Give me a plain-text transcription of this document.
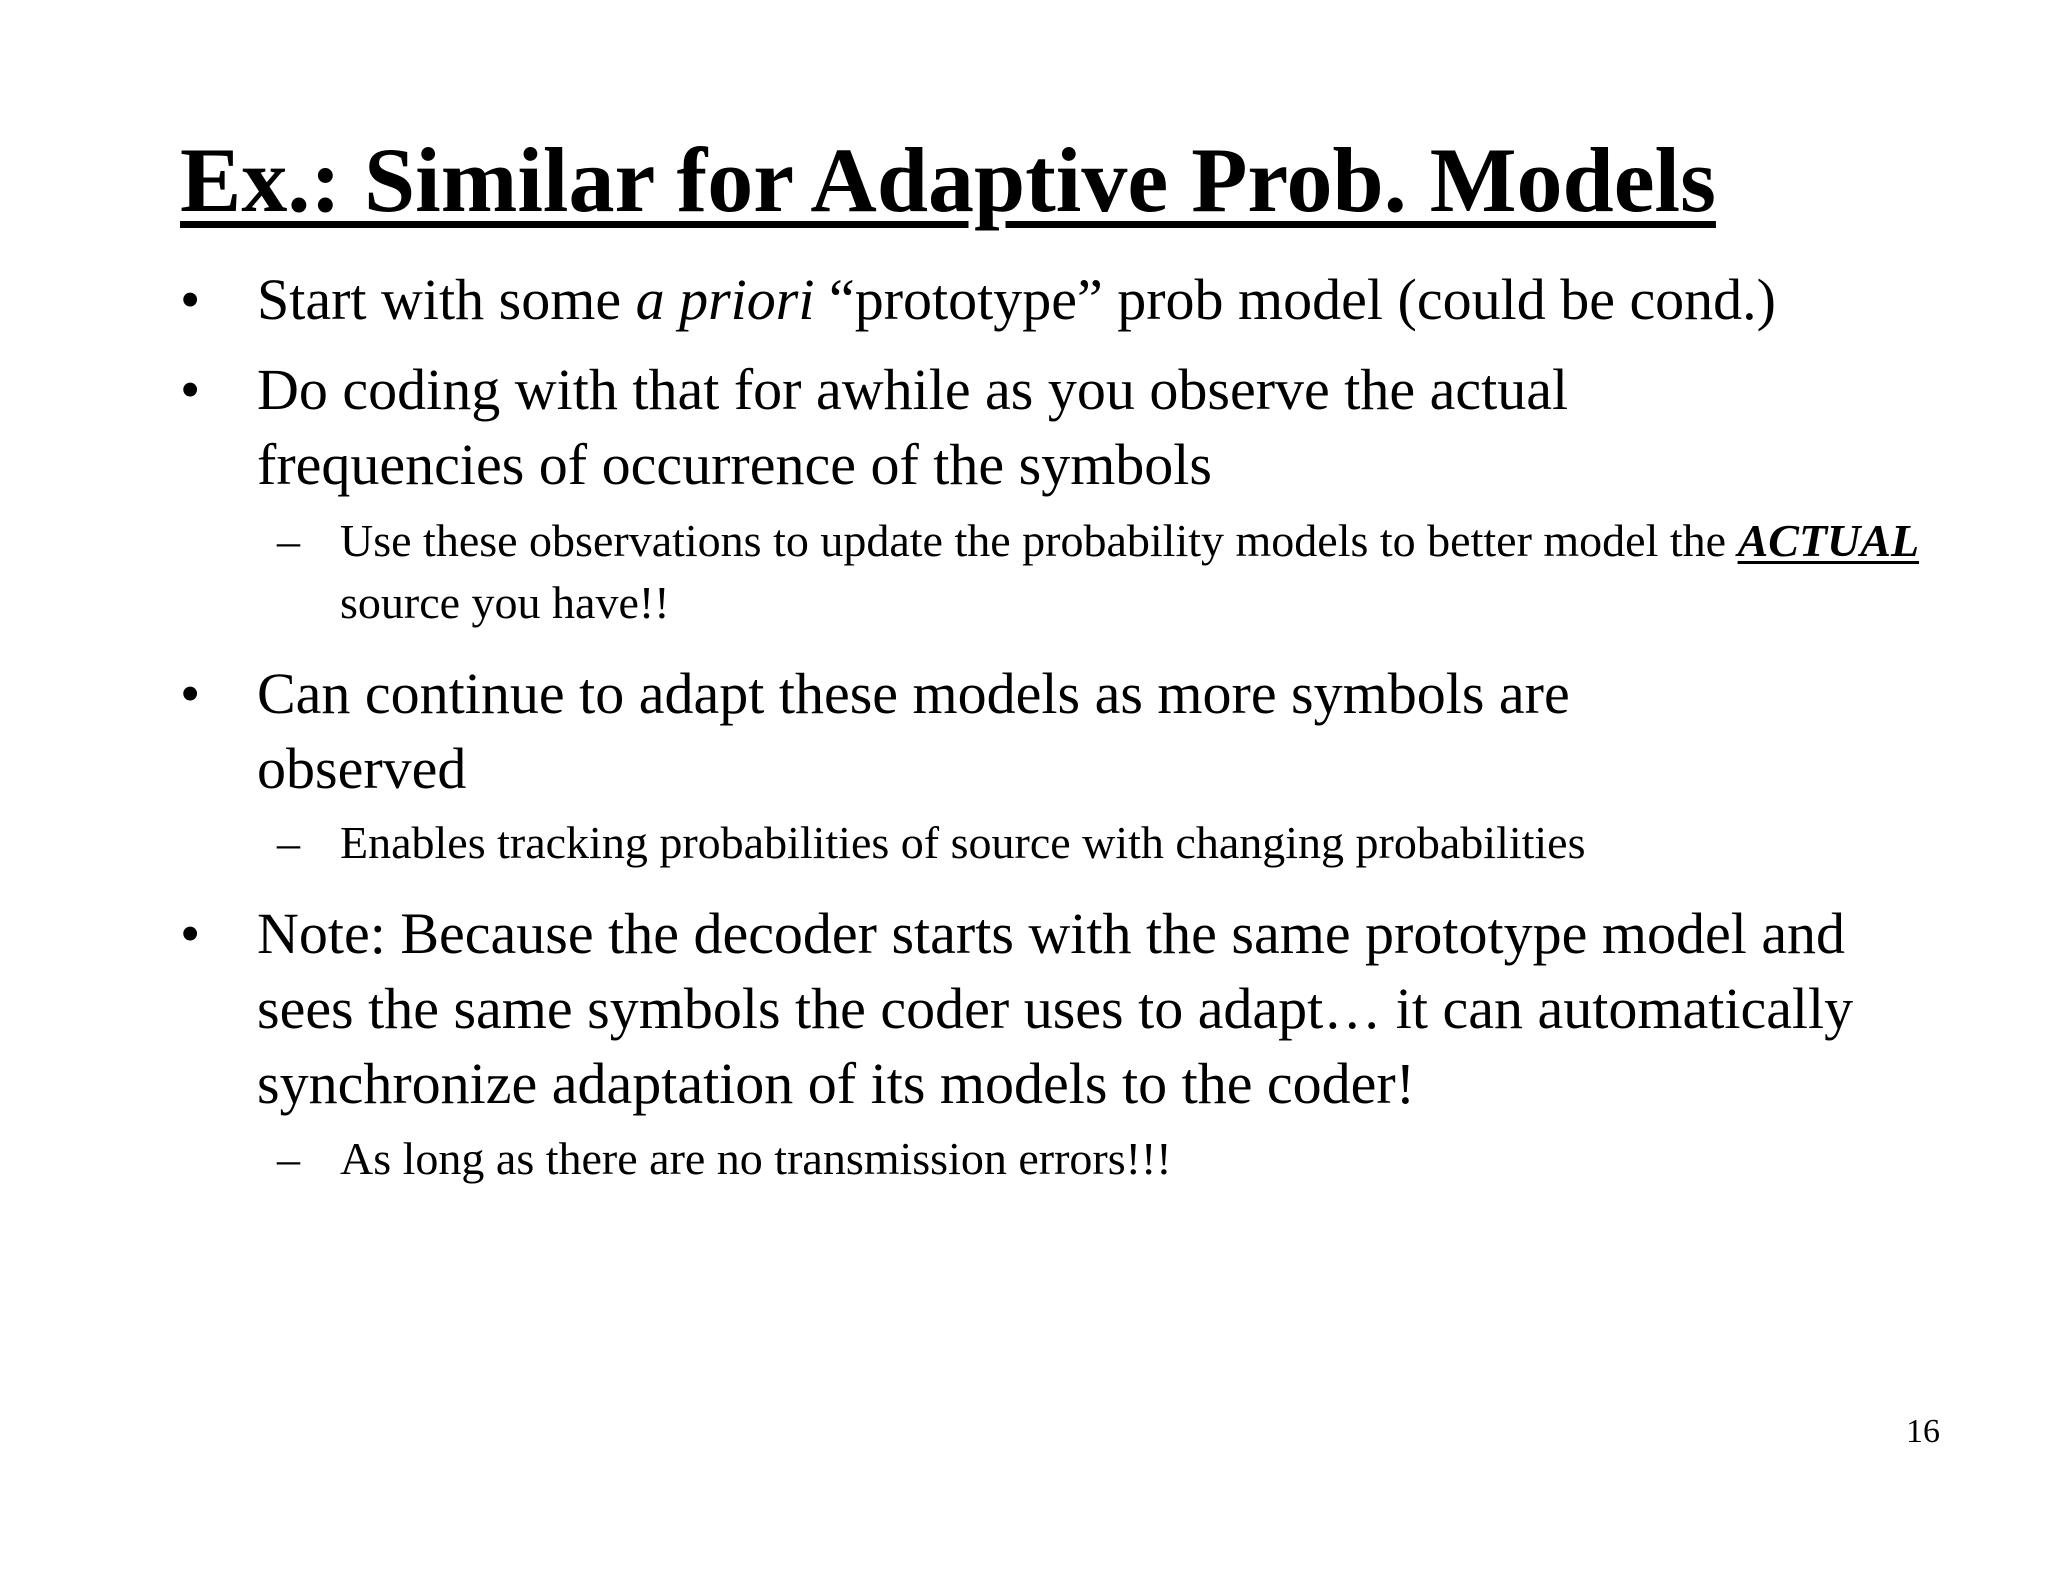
Ex.: Similar for Adaptive Prob. Models
• Start with some a priori “prototype” prob model (could be cond.)
• Do coding with that for awhile as you observe the actual frequencies of occurrence of the symbols
– Use these observations to update the probability models to better model the ACTUAL source you have!!
• Can continue to adapt these models as more symbols are observed
– Enables tracking probabilities of source with changing probabilities
• Note: Because the decoder starts with the same prototype model and sees the same symbols the coder uses to adapt… it can automatically synchronize adaptation of its models to the coder!
– As long as there are no transmission errors!!!
16
